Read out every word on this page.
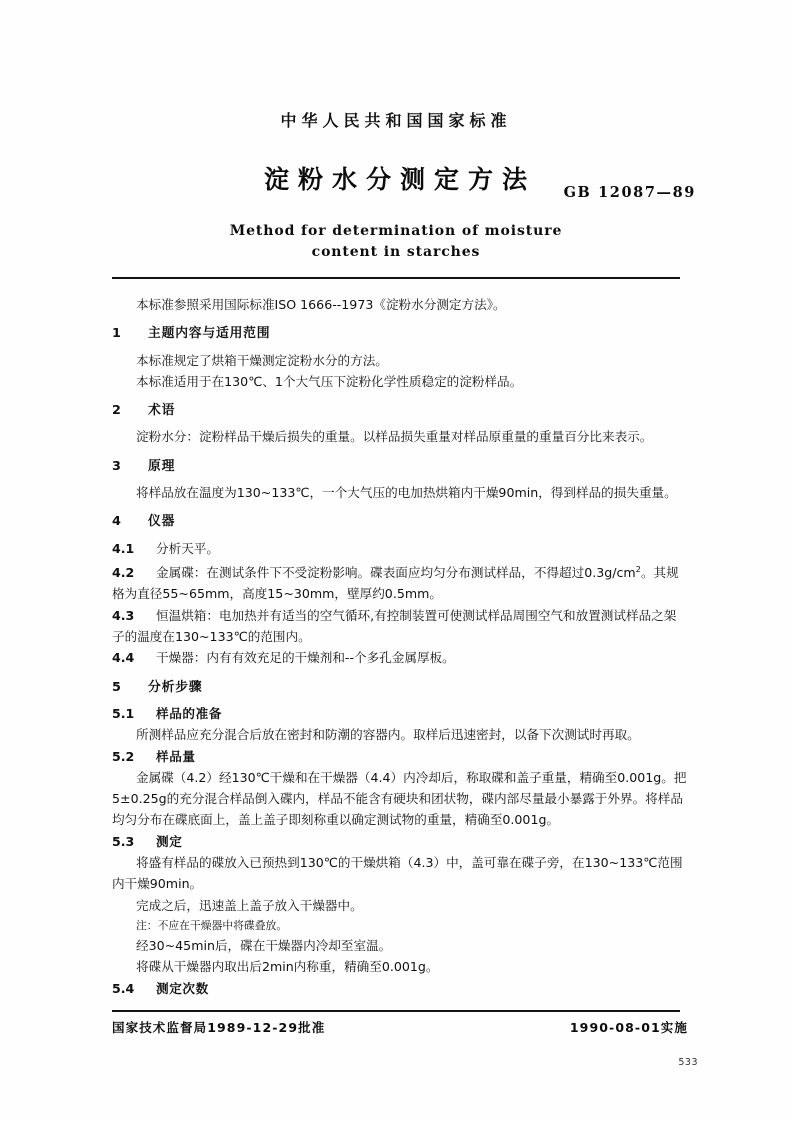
中华人民共和国国家标准
淀粉水分测定方法	GB 12087—89
Method for determination of moisture
content in starches

本标准参照采用国际标准ISO 1666--1973《淀粉水分测定方法》。

1	主题内容与适用范围

本标准规定了烘箱干燥测定淀粉水分的方法。

本标准适用于在130℃、1个大气压下淀粉化学性质稳定的淀粉样品。

2	术语

淀粉水分：淀粉样品干燥后损失的重量。以样品损失重量对样品原重量的重量百分比来表示。

3	原理

将样品放在温度为130~133℃，一个大气压的电加热烘箱内干燥90min，得到样品的损失重量。

4	仪器

4.1 分析天平。

4.2 金属碟：在测试条件下不受淀粉影响。碟表面应均匀分布测试样品，不得超过$0.3g/cm^2$。其规格为直径55~65mm，高度15~30mm，壁厚约0.5mm。

4.3 恒温烘箱：电加热并有适当的空气循环,有控制装置可使测试样品周围空气和放置测试样品之架子的温度在130~133℃的范围内。

4.4 干燥器：内有有效充足的干燥剂和--个多孔金属厚板。

5	分析步骤

5.1 样品的准备

所测样品应充分混合后放在密封和防潮的容器内。取样后迅速密封，以备下次测试时再取。

5.2 样品量

金属碟（4.2）经130℃干燥和在干燥器（4.4）内冷却后，称取碟和盖子重量，精确至0.001g。把5±0.25g的充分混合样品倒入碟内，样品不能含有硬块和团状物，碟内部尽量最小暴露于外界。将样品均匀分布在碟底面上，盖上盖子即刻称重以确定测试物的重量，精确至0.001g。

5.3 测定

将盛有样品的碟放入已预热到130℃的干燥烘箱（4.3）中，盖可靠在碟子旁，在130~133℃范围内干燥90min。

完成之后，迅速盖上盖子放入干燥器中。

注：不应在干燥器中将碟叠放。

经30~45min后，碟在干燥器内冷却至室温。

将碟从干燥器内取出后2min内称重，精确至0.001g。

5.4 测定次数

国家技术监督局1989-12-29批准	1990-08-01实施
533
